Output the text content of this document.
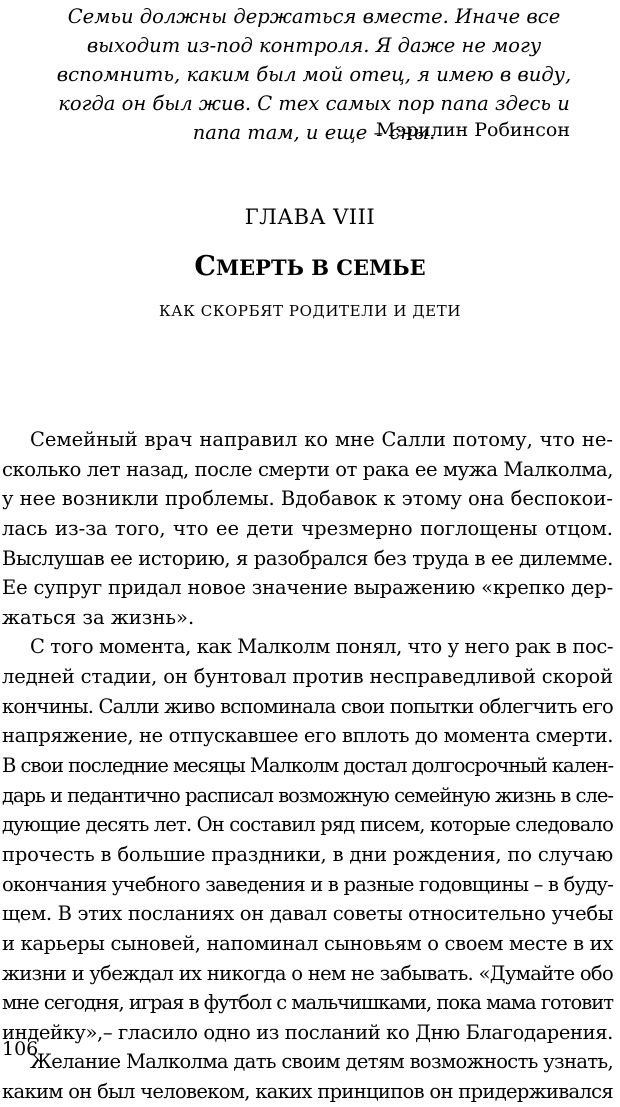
Семьи должны держаться вместе. Иначе все выходит из-под контроля. Я даже не могу вспомнить, каким был мой отец, я имею в виду, когда он был жив. С тех самых пор папа здесь и папа там, и еще – сны.

Мэрилин Робинсон
ГЛАВА VIII
СМЕРТЬ В СЕМЬЕ
КАК СКОРБЯТ РОДИТЕЛИ И ДЕТИ
Семейный врач направил ко мне Салли потому, что не-
сколько лет назад, после смерти от рака ее мужа Малколма,
у нее возникли проблемы. Вдобавок к этому она беспокои-
лась из-за того, что ее дети чрезмерно поглощены отцом.
Выслушав ее историю, я разобрался без труда в ее дилемме.
Ее супруг придал новое значение выражению «крепко дер-
жаться за жизнь».
С того момента, как Малколм понял, что у него рак в пос-
ледней стадии, он бунтовал против несправедливой скорой
кончины. Салли живо вспоминала свои попытки облегчить его
напряжение, не отпускавшее его вплоть до момента смерти.
В свои последние месяцы Малколм достал долгосрочный кален-
дарь и педантично расписал возможную семейную жизнь в сле-
дующие десять лет. Он составил ряд писем, которые следовало
прочесть в большие праздники, в дни рождения, по случаю
окончания учебного заведения и в разные годовщины – в буду-
щем. В этих посланиях он давал советы относительно учебы
и карьеры сыновей, напоминал сыновьям о своем месте в их
жизни и убеждал их никогда о нем не забывать. «Думайте обо
мне сегодня, играя в футбол с мальчишками, пока мама готовит
индейку»,– гласило одно из посланий ко Дню Благодарения.
Желание Малколма дать своим детям возможность узнать,
каким он был человеком, каких принципов он придерживался
106
